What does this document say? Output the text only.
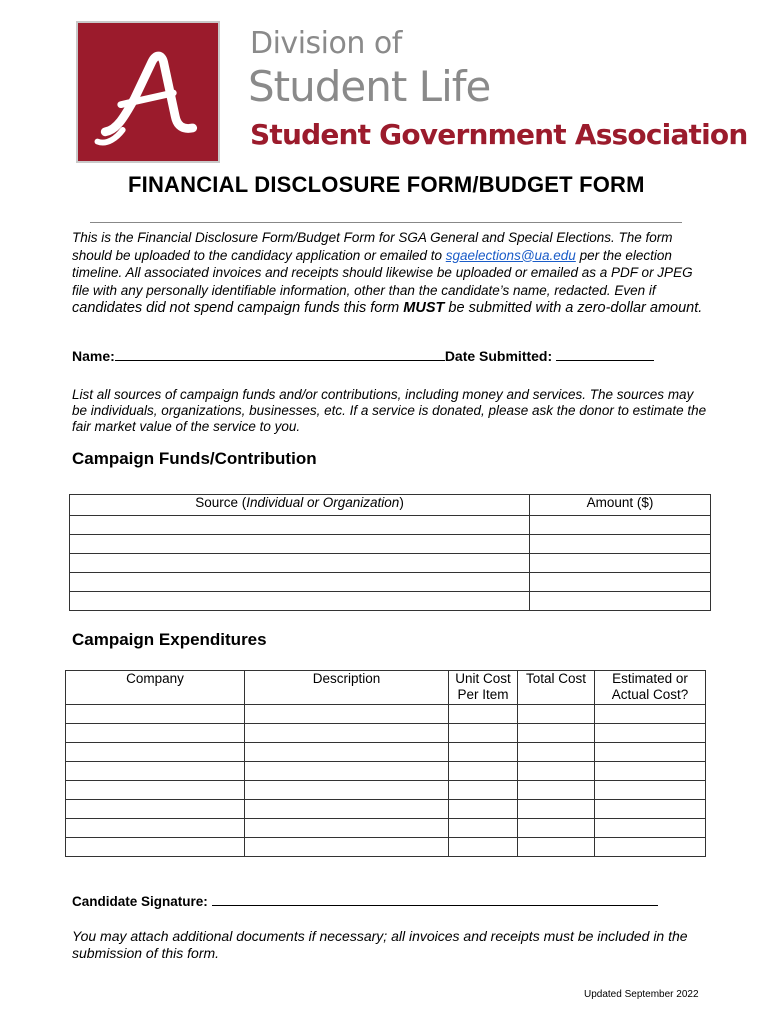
Division of
Student Life
Student Government Association
FINANCIAL DISCLOSURE FORM/BUDGET FORM
This is the Financial Disclosure Form/Budget Form for SGA General and Special Elections. The form should be uploaded to the candidacy application or emailed to sgaelections@ua.edu per the election timeline. All associated invoices and receipts should likewise be uploaded or emailed as a PDF or JPEG file with any personally identifiable information, other than the candidate’s name, redacted. Even if candidates did not spend campaign funds this form MUST be submitted with a zero-dollar amount.
Name:	Date Submitted:
List all sources of campaign funds and/or contributions, including money and services. The sources may be individuals, organizations, businesses, etc. If a service is donated, please ask the donor to estimate the fair market value of the service to you.
Campaign Funds/Contribution
Source (Individual or Organization)	Amount ($)

Campaign Expenditures
Company	Description	Unit Cost Per Item	Total Cost	Estimated or Actual Cost?

Candidate Signature:
You may attach additional documents if necessary; all invoices and receipts must be included in the submission of this form.
Updated September 2022
